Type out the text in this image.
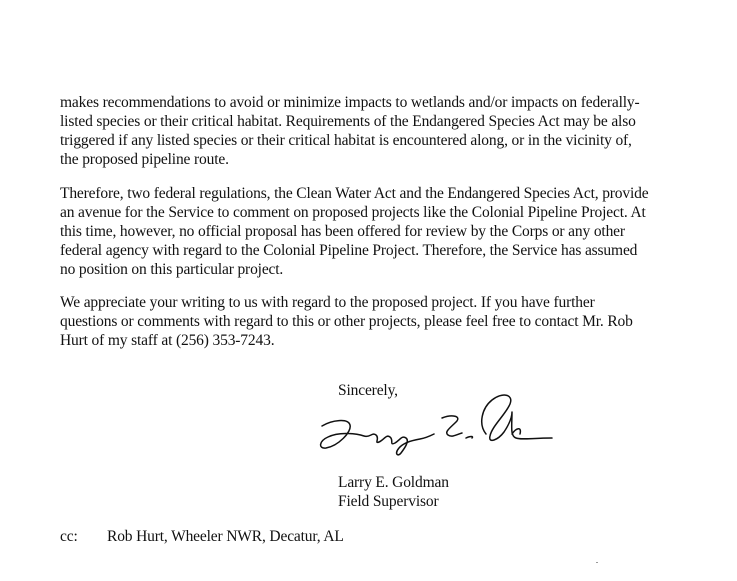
makes recommendations to avoid or minimize impacts to wetlands and/or impacts on federally-
listed species or their critical habitat. Requirements of the Endangered Species Act may be also
triggered if any listed species or their critical habitat is encountered along, or in the vicinity of,
the proposed pipeline route.

Therefore, two federal regulations, the Clean Water Act and the Endangered Species Act, provide
an avenue for the Service to comment on proposed projects like the Colonial Pipeline Project. At
this time, however, no official proposal has been offered for review by the Corps or any other
federal agency with regard to the Colonial Pipeline Project. Therefore, the Service has assumed
no position on this particular project.

We appreciate your writing to us with regard to the proposed project. If you have further
questions or comments with regard to this or other projects, please feel free to contact Mr. Rob
Hurt of my staff at (256) 353-7243.

Sincerely,
Larry E. Goldman
Field Supervisor
cc: Rob Hurt, Wheeler NWR, Decatur, AL
